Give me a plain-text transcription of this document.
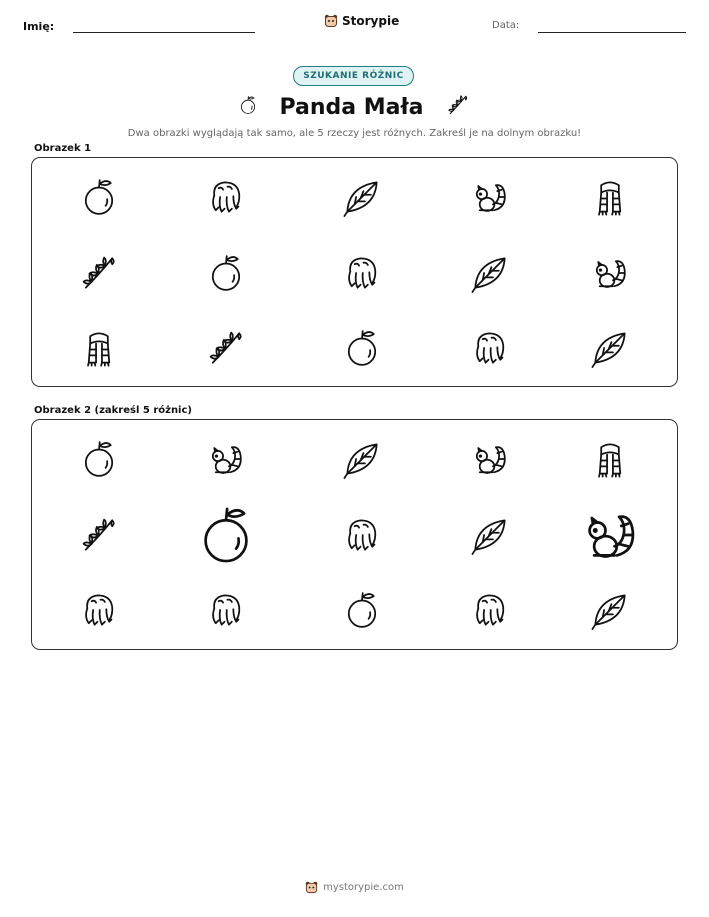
Imię:	Storypie	Data:
SZUKANIE RÓŻNIC
Panda Mała
Dwa obrazki wyglądają tak samo, ale 5 rzeczy jest różnych. Zakreśl je na dolnym obrazku!
Obrazek 1
Obrazek 2 (zakreśl 5 różnic)
mystorypie.com
